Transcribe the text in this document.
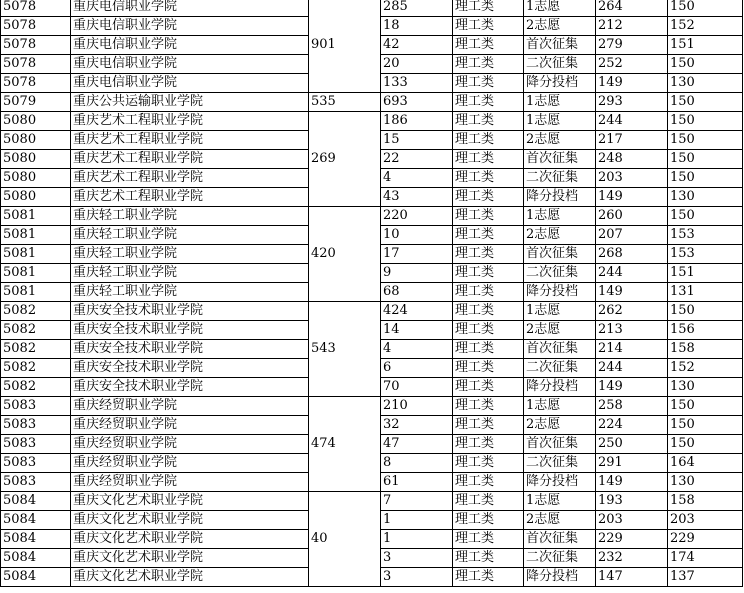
5078	重庆电信职业学院	901	285	理工类	1志愿	264	150
5078	重庆电信职业学院		18	理工类	2志愿	212	152
5078	重庆电信职业学院		42	理工类	首次征集	279	151
5078	重庆电信职业学院		20	理工类	二次征集	252	150
5078	重庆电信职业学院		133	理工类	降分投档	149	130
5079	重庆公共运输职业学院	535	693	理工类	1志愿	293	150
5080	重庆艺术工程职业学院	269	186	理工类	1志愿	244	150
5080	重庆艺术工程职业学院		15	理工类	2志愿	217	150
5080	重庆艺术工程职业学院		22	理工类	首次征集	248	150
5080	重庆艺术工程职业学院		4	理工类	二次征集	203	150
5080	重庆艺术工程职业学院		43	理工类	降分投档	149	130
5081	重庆轻工职业学院	420	220	理工类	1志愿	260	150
5081	重庆轻工职业学院		10	理工类	2志愿	207	153
5081	重庆轻工职业学院		17	理工类	首次征集	268	153
5081	重庆轻工职业学院		9	理工类	二次征集	244	151
5081	重庆轻工职业学院		68	理工类	降分投档	149	131
5082	重庆安全技术职业学院	543	424	理工类	1志愿	262	150
5082	重庆安全技术职业学院		14	理工类	2志愿	213	156
5082	重庆安全技术职业学院		4	理工类	首次征集	214	158
5082	重庆安全技术职业学院		6	理工类	二次征集	244	152
5082	重庆安全技术职业学院		70	理工类	降分投档	149	130
5083	重庆经贸职业学院	474	210	理工类	1志愿	258	150
5083	重庆经贸职业学院		32	理工类	2志愿	224	150
5083	重庆经贸职业学院		47	理工类	首次征集	250	150
5083	重庆经贸职业学院		8	理工类	二次征集	291	164
5083	重庆经贸职业学院		61	理工类	降分投档	149	130
5084	重庆文化艺术职业学院	40	7	理工类	1志愿	193	158
5084	重庆文化艺术职业学院		1	理工类	2志愿	203	203
5084	重庆文化艺术职业学院		1	理工类	首次征集	229	229
5084	重庆文化艺术职业学院		3	理工类	二次征集	232	174
5084	重庆文化艺术职业学院		3	理工类	降分投档	147	137
